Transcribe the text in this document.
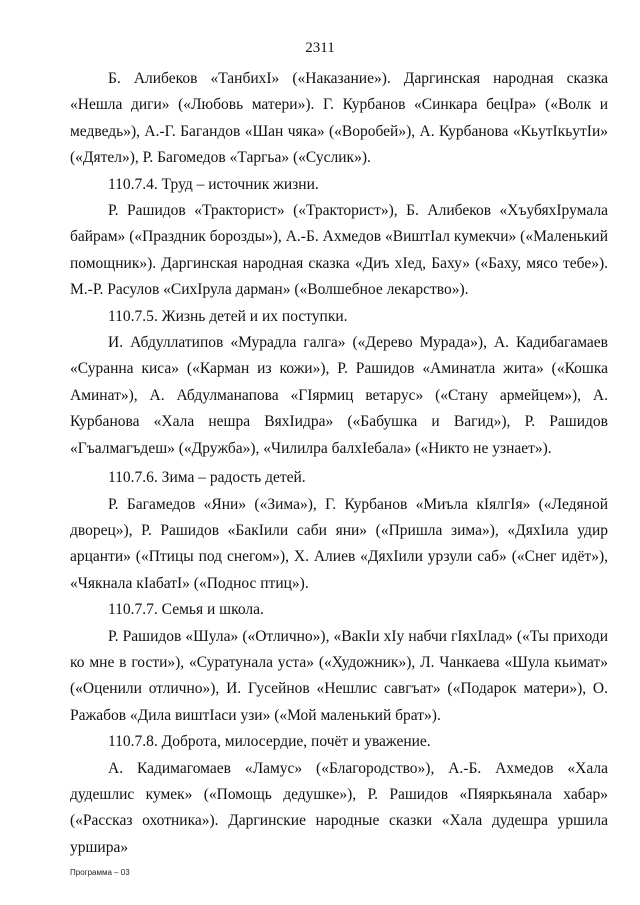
2311

Б. Алибеков «ТанбихI» («Наказание»). Даргинская народная сказка «Нешла диги» («Любовь матери»). Г. Курбанов «Синкара бецIра» («Волк и медведь»), А.-Г. Багандов «Шан чяка» («Воробей»), А. Курбанова «КьутIкьутIи» («Дятел»), Р. Багомедов «Таргьа» («Суслик»).

110.7.4. Труд – источник жизни.

Р. Рашидов «Тракторист» («Тракторист»), Б. Алибеков «ХъубяхIрумала байрам» («Праздник борозды»), А.-Б. Ахмедов «ВиштIал кумекчи» («Маленький помощник»). Даргинская народная сказка «Диъ хIед, Баху» («Баху, мясо тебе»). М.-Р. Расулов «СихIрула дарман» («Волшебное лекарство»).

110.7.5. Жизнь детей и их поступки.

И. Абдуллатипов «Мурадла галга» («Дерево Мурада»), А. Кадибагамаев «Суранна киса» («Карман из кожи»), Р. Рашидов «Аминатла жита» («Кошка Аминат»), А. Абдулманапова «ГIярмиц ветарус» («Стану армейцем»), А. Курбанова «Хала нешра ВяхIидра» («Бабушка и Вагид»), Р. Рашидов «Гъалмагъдеш» («Дружба»), «Чилилра балхIебала» («Никто не узнает»).

110.7.6. Зима – радость детей.

Р. Багамедов «Яни» («Зима»), Г. Курбанов «Миъла кIялгIя» («Ледяной дворец»), Р. Рашидов «БакIили саби яни» («Пришла зима»), «ДяхIила удир арцанти» («Птицы под снегом»), Х. Алиев «ДяхIили урзули саб» («Снег идёт»), «Чякнала кIабатI» («Поднос птиц»).

110.7.7. Семья и школа.

Р. Рашидов «Шула» («Отлично»), «ВакIи хIу набчи гIяхIлад» («Ты приходи ко мне в гости»), «Суратунала уста» («Художник»), Л. Чанкаева «Шула кьимат» («Оценили отлично»), И. Гусейнов «Нешлис савгъат» («Подарок матери»), О. Ражабов «Дила виштIаси узи» («Мой маленький брат»).

110.7.8. Доброта, милосердие, почёт и уважение.

А. Кадимагомаев «Ламус» («Благородство»), А.-Б. Ахмедов «Хала дудешлис кумек» («Помощь дедушке»), Р. Рашидов «Пяяркьянала хабар» («Рассказ охотника»). Даргинские народные сказки «Хала дудешра уршила уршира»

Программа – 03
